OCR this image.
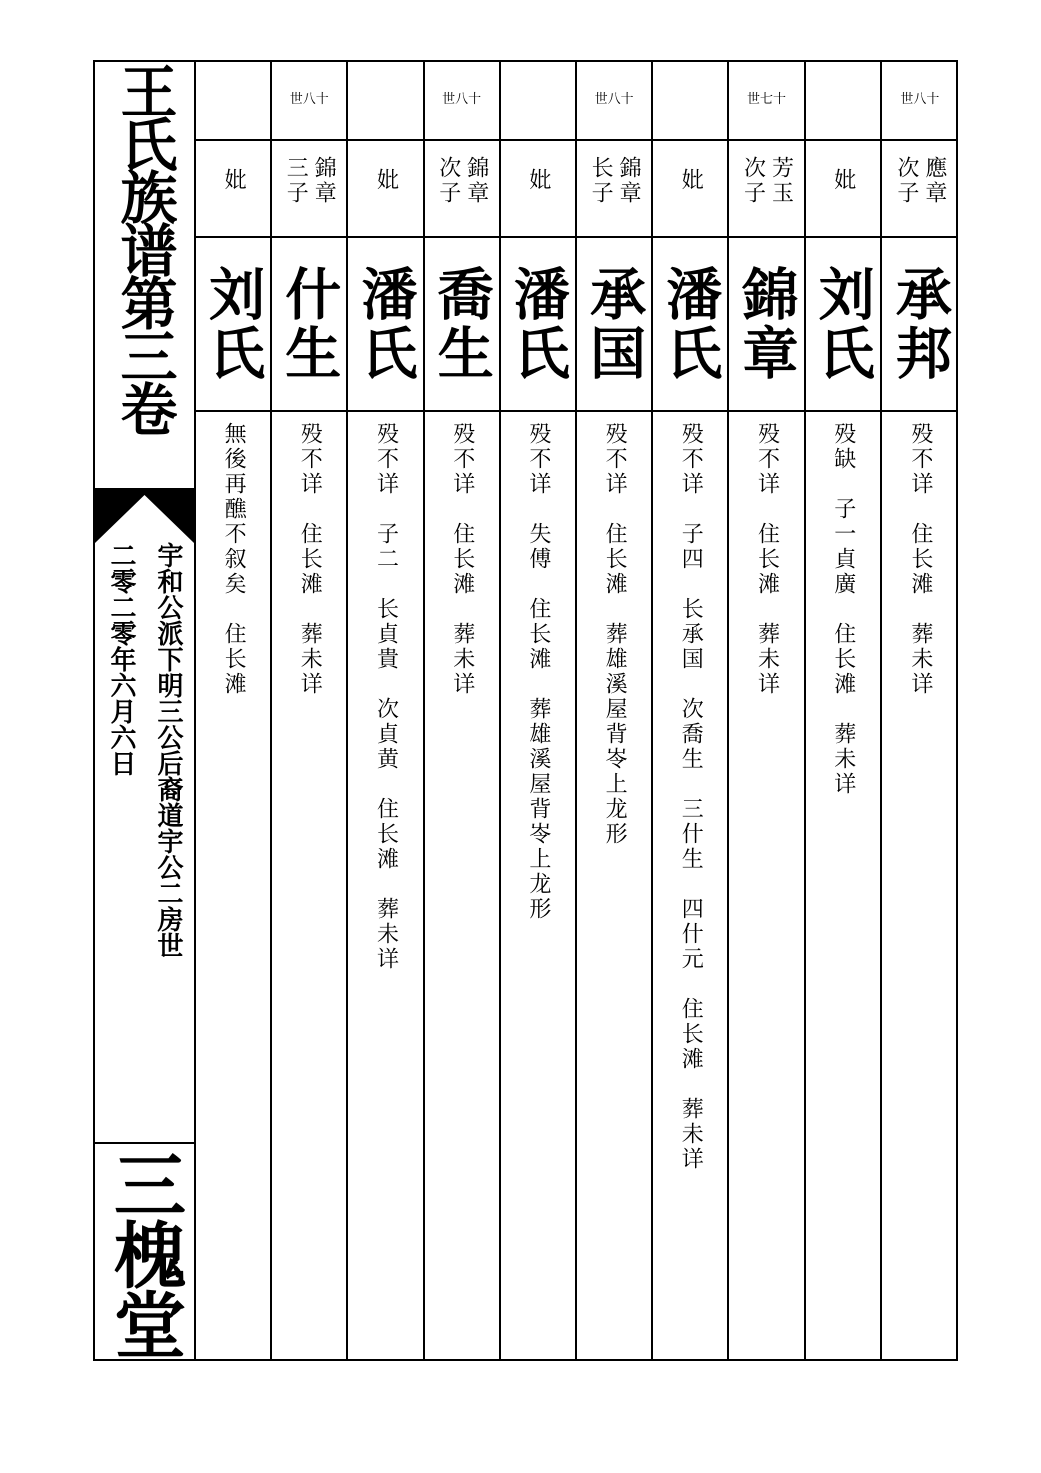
王氏族谱第三卷
宇和公派下明三公后裔道宇公二房世
二零二零年六月六日
三槐堂
妣
刘氏
無後再醮不叙矣　住长滩
世八十
錦章
三子
什生
殁不详　住长滩　葬未详
妣
潘氏
殁不详　子二　长貞貴　次貞黄　住长滩　葬未详
世八十
錦章
次子
喬生
殁不详　住长滩　葬未详
妣
潘氏
殁不详　失傅　住长滩　葬雄溪屋背岺上龙形
世八十
錦章
长子
承国
殁不详　住长滩　葬雄溪屋背岺上龙形
妣
潘氏
殁不详　子四　长承国　次喬生　三什生　四什元　住长滩　葬未详
世七十
芳玉
次子
錦章
殁不详　住长滩　葬未详
妣
刘氏
殁缺　子一貞廣　住长滩　葬未详
世八十
應章
次子
承邦
殁不详　住长滩　葬未详
